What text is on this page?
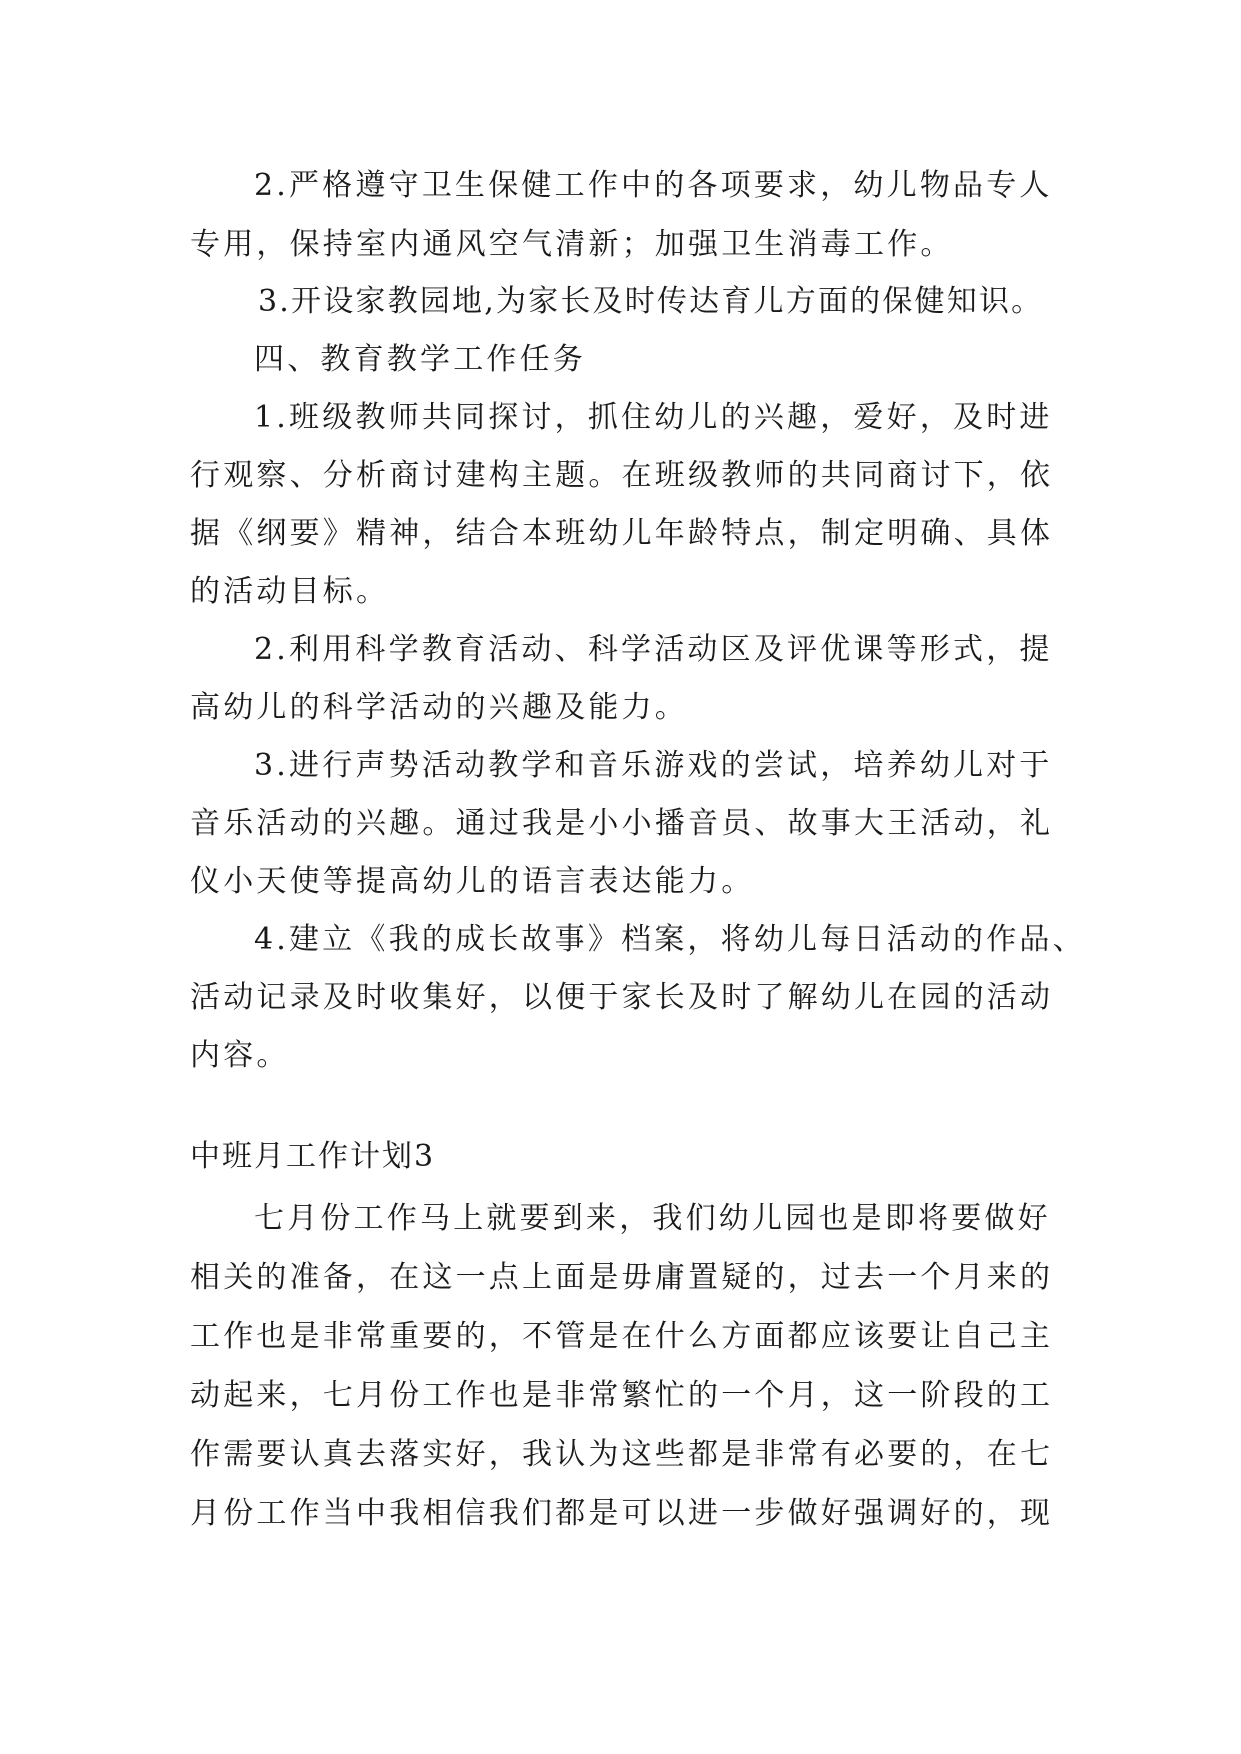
2.严格遵守卫生保健工作中的各项要求，幼儿物品专人
专用，保持室内通风空气清新；加强卫生消毒工作。
3.开设家教园地,为家长及时传达育儿方面的保健知识。
四、教育教学工作任务
1.班级教师共同探讨，抓住幼儿的兴趣，爱好，及时进
行观察、分析商讨建构主题。在班级教师的共同商讨下，依
据《纲要》精神，结合本班幼儿年龄特点，制定明确、具体
的活动目标。
2.利用科学教育活动、科学活动区及评优课等形式，提
高幼儿的科学活动的兴趣及能力。
3.进行声势活动教学和音乐游戏的尝试，培养幼儿对于
音乐活动的兴趣。通过我是小小播音员、故事大王活动，礼
仪小天使等提高幼儿的语言表达能力。
4.建立《我的成长故事》档案，将幼儿每日活动的作品、
活动记录及时收集好，以便于家长及时了解幼儿在园的活动
内容。
中班月工作计划3
七月份工作马上就要到来，我们幼儿园也是即将要做好
相关的准备，在这一点上面是毋庸置疑的，过去一个月来的
工作也是非常重要的，不管是在什么方面都应该要让自己主
动起来，七月份工作也是非常繁忙的一个月，这一阶段的工
作需要认真去落实好，我认为这些都是非常有必要的，在七
月份工作当中我相信我们都是可以进一步做好强调好的，现
